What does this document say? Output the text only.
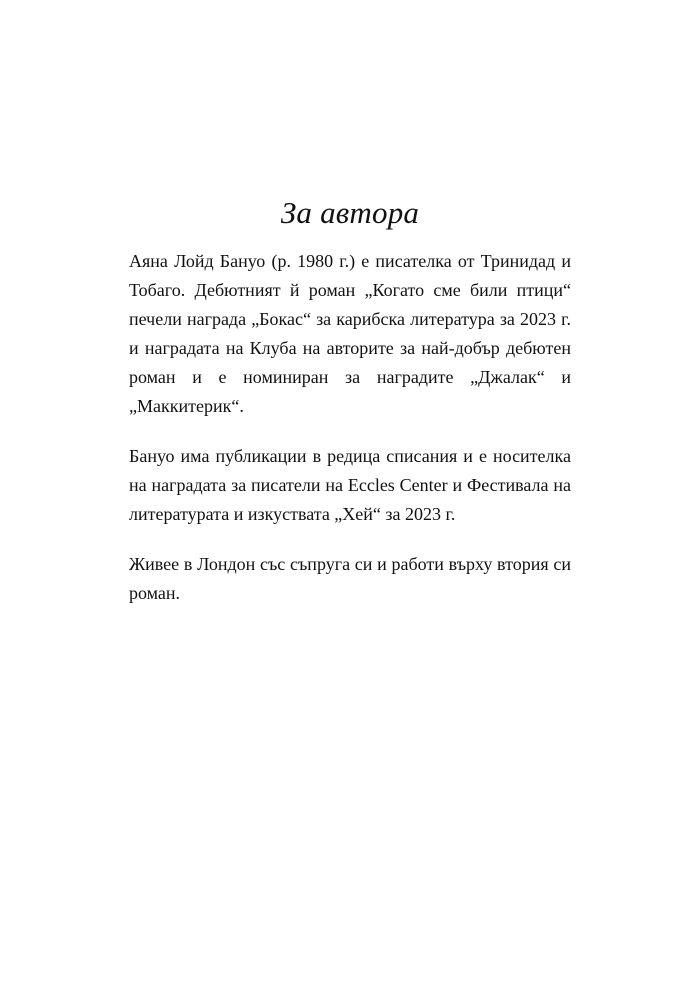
За автора

Аяна Лойд Бануо (р. 1980 г.) е писателка от Тринидад и Тобаго. Дебютният й роман „Когато сме били птици“ печели награда „Бокас“ за карибска литература за 2023 г. и наградата на Клуба на авторите за най-добър дебютен роман и е номиниран за наградите „Джалак“ и „Маккитерик“.

Бануо има публикации в редица списания и е носителка на наградата за писатели на Eccles Center и Фестивала на литературата и изкуствата „Хей“ за 2023 г.

Живее в Лондон със съпруга си и работи върху втория си роман.
